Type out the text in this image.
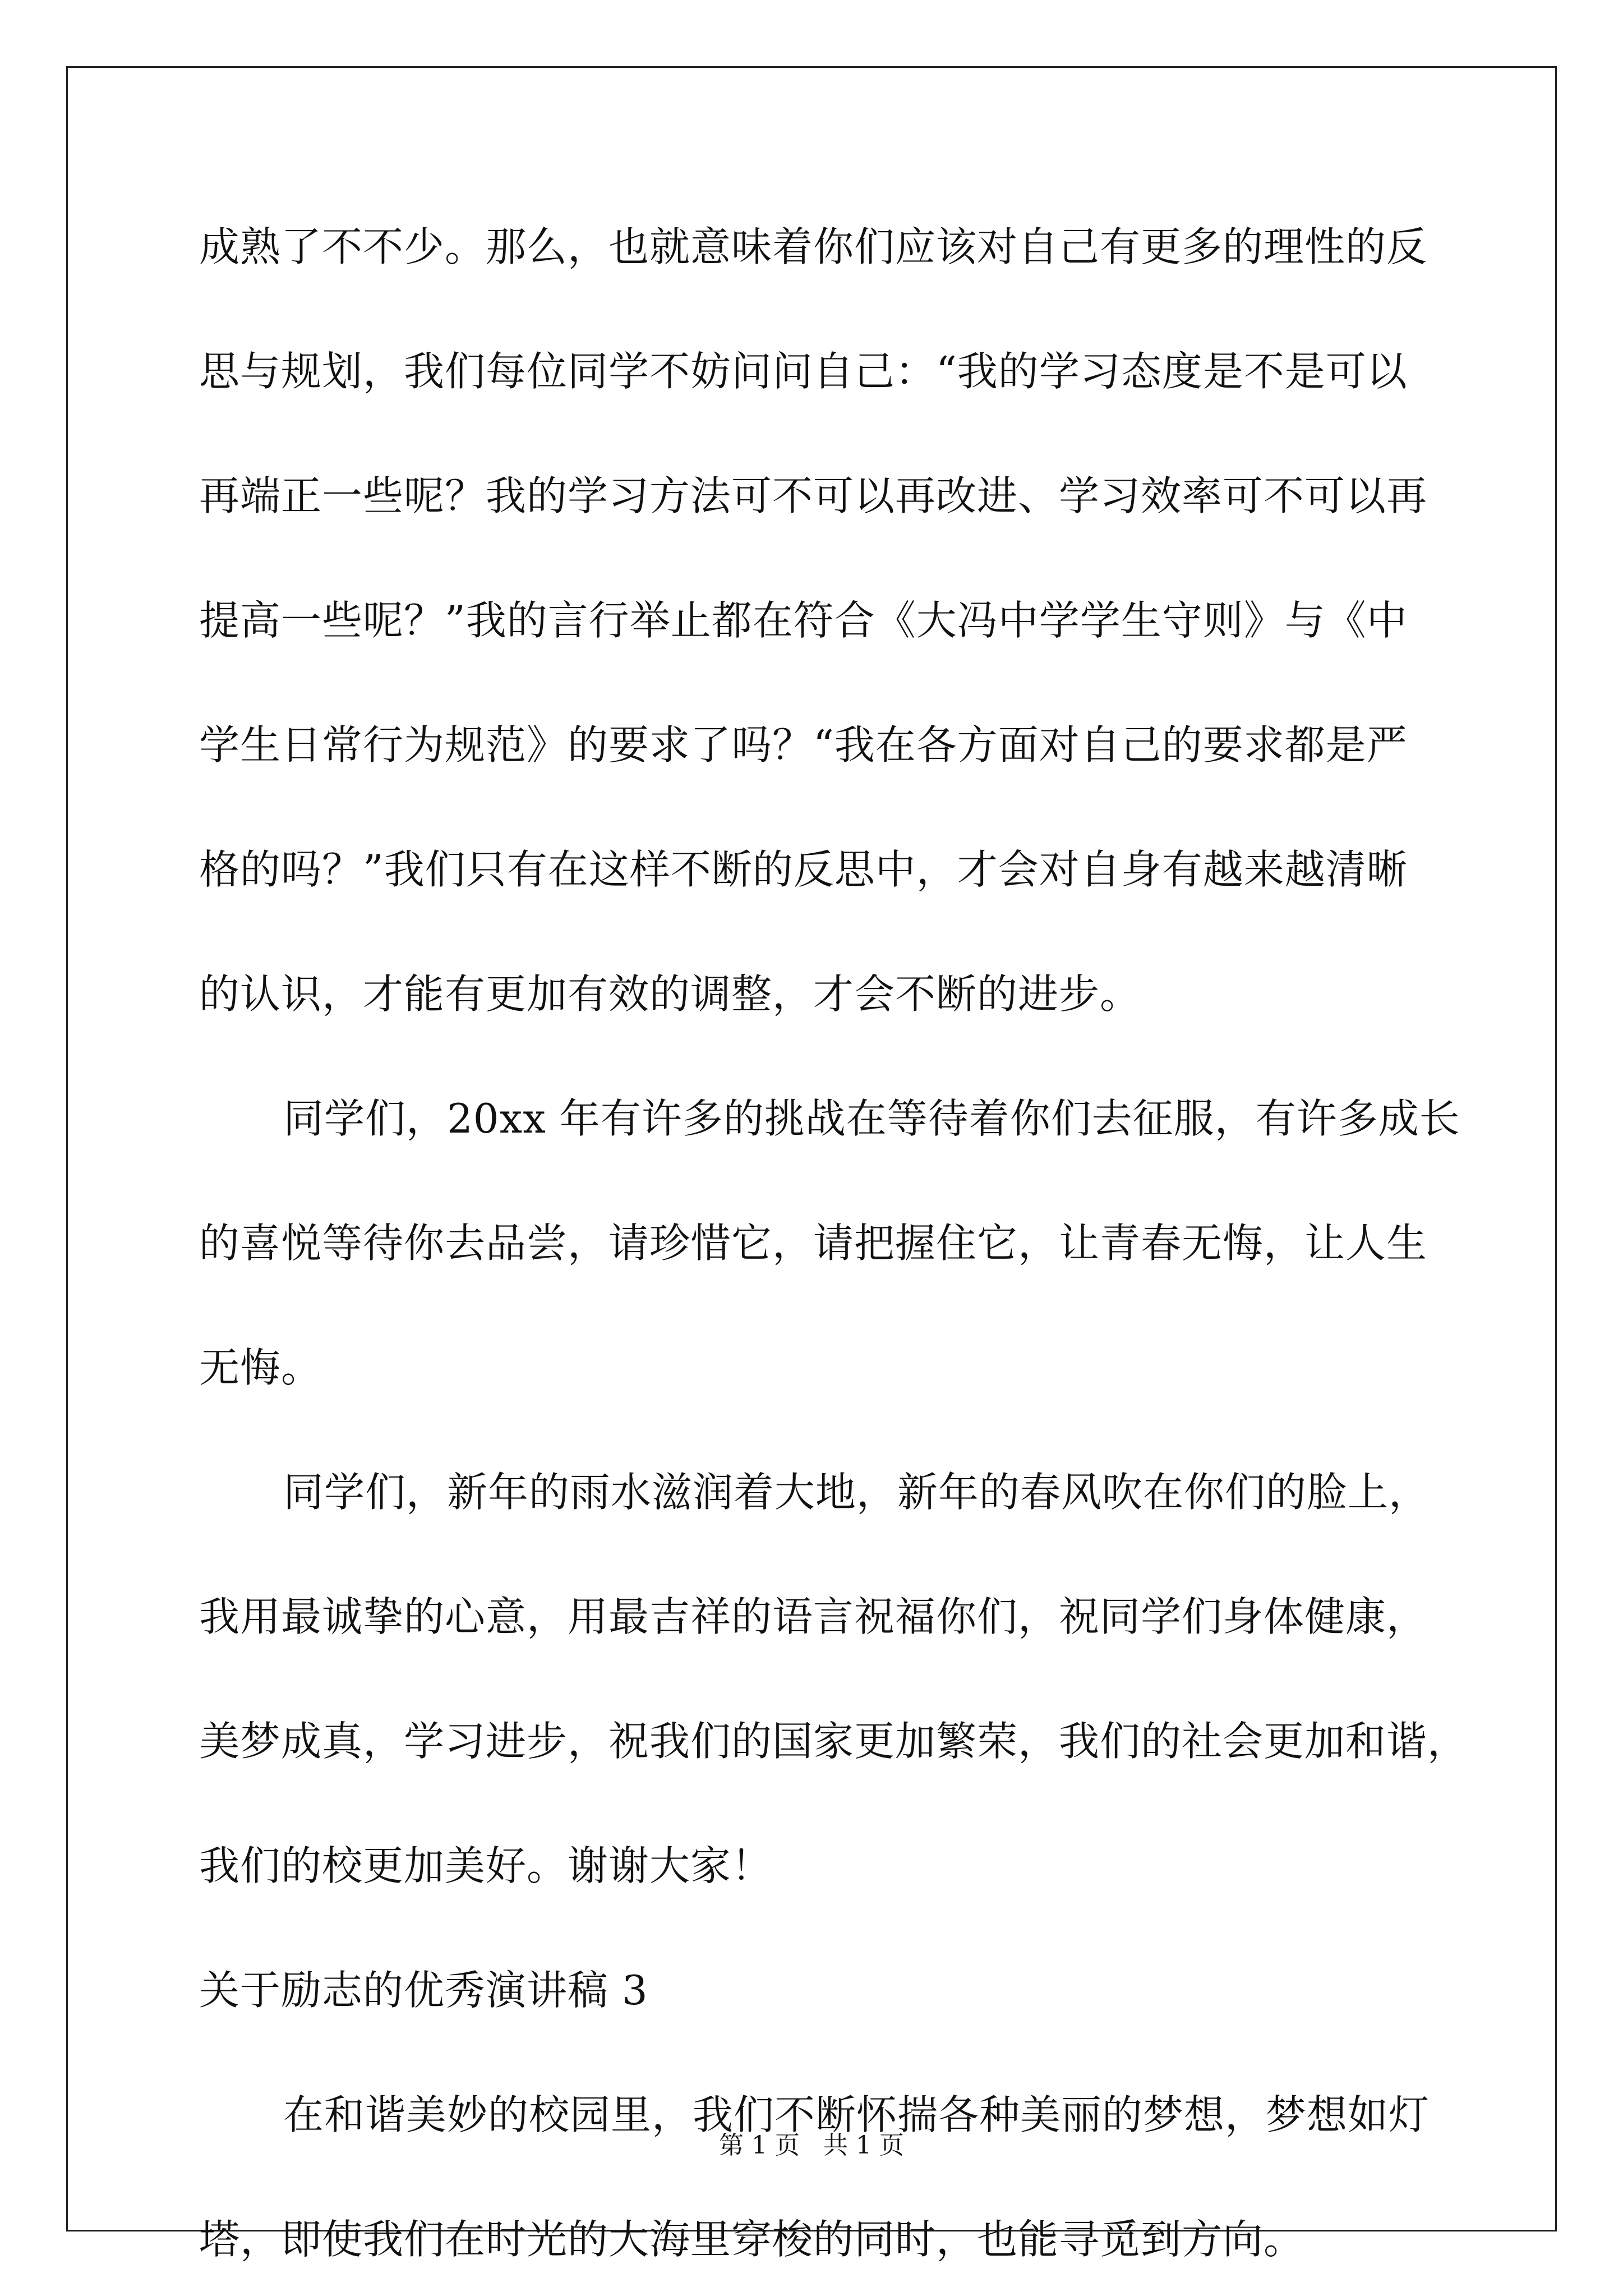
成熟了不不少。那么，也就意味着你们应该对自己有更多的理性的反
思与规划，我们每位同学不妨问问自己：“我的学习态度是不是可以
再端正一些呢？我的学习方法可不可以再改进、学习效率可不可以再
提高一些呢？”我的言行举止都在符合《大冯中学学生守则》与《中
学生日常行为规范》的要求了吗？“我在各方面对自己的要求都是严
格的吗？”我们只有在这样不断的反思中，才会对自身有越来越清晰
的认识，才能有更加有效的调整，才会不断的进步。
同学们，20xx 年有许多的挑战在等待着你们去征服，有许多成长
的喜悦等待你去品尝，请珍惜它，请把握住它，让青春无悔，让人生
无悔。
同学们，新年的雨水滋润着大地，新年的春风吹在你们的脸上，
我用最诚挚的心意，用最吉祥的语言祝福你们，祝同学们身体健康，
美梦成真，学习进步，祝我们的国家更加繁荣，我们的社会更加和谐，
我们的校更加美好。谢谢大家！
关于励志的优秀演讲稿 3
在和谐美妙的校园里，我们不断怀揣各种美丽的梦想，梦想如灯
塔，即使我们在时光的大海里穿梭的同时，也能寻觅到方向。
第 1 页   共 1 页
